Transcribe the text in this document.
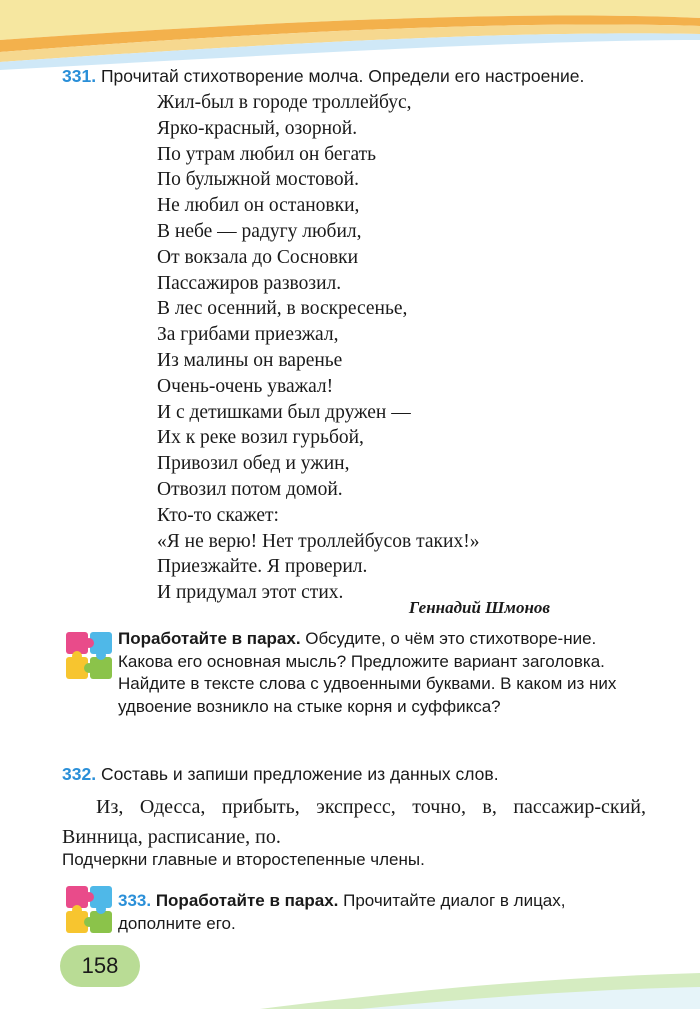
331. Прочитай стихотворение молча. Определи его настроение.
Жил-был в городе троллейбус,
Ярко-красный, озорной.
По утрам любил он бегать
По булыжной мостовой.
Не любил он остановки,
В небе — радугу любил,
От вокзала до Сосновки
Пассажиров развозил.
В лес осенний, в воскресенье,
За грибами приезжал,
Из малины он варенье
Очень-очень уважал!
И с детишками был дружен —
Их к реке возил гурьбой,
Привозил обед и ужин,
Отвозил потом домой.
Кто-то скажет:
«Я не верю! Нет троллейбусов таких!»
Приезжайте. Я проверил.
И придумал этот стих.
Геннадий Шмонов

Поработайте в парах. Обсудите, о чём это стихотворе-ние. Какова его основная мысль? Предложите вариант заголовка.

Найдите в тексте слова с удвоенными буквами. В каком из них удвоение возникло на стыке корня и суффикса?

332. Составь и запиши предложение из данных слов.
Из, Одесса, прибыть, экспресс, точно, в, пассажир-ский, Винница, расписание, по.
Подчеркни главные и второстепенные члены.
333. Поработайте в парах. Прочитайте диалог в лицах, дополните его.
158
